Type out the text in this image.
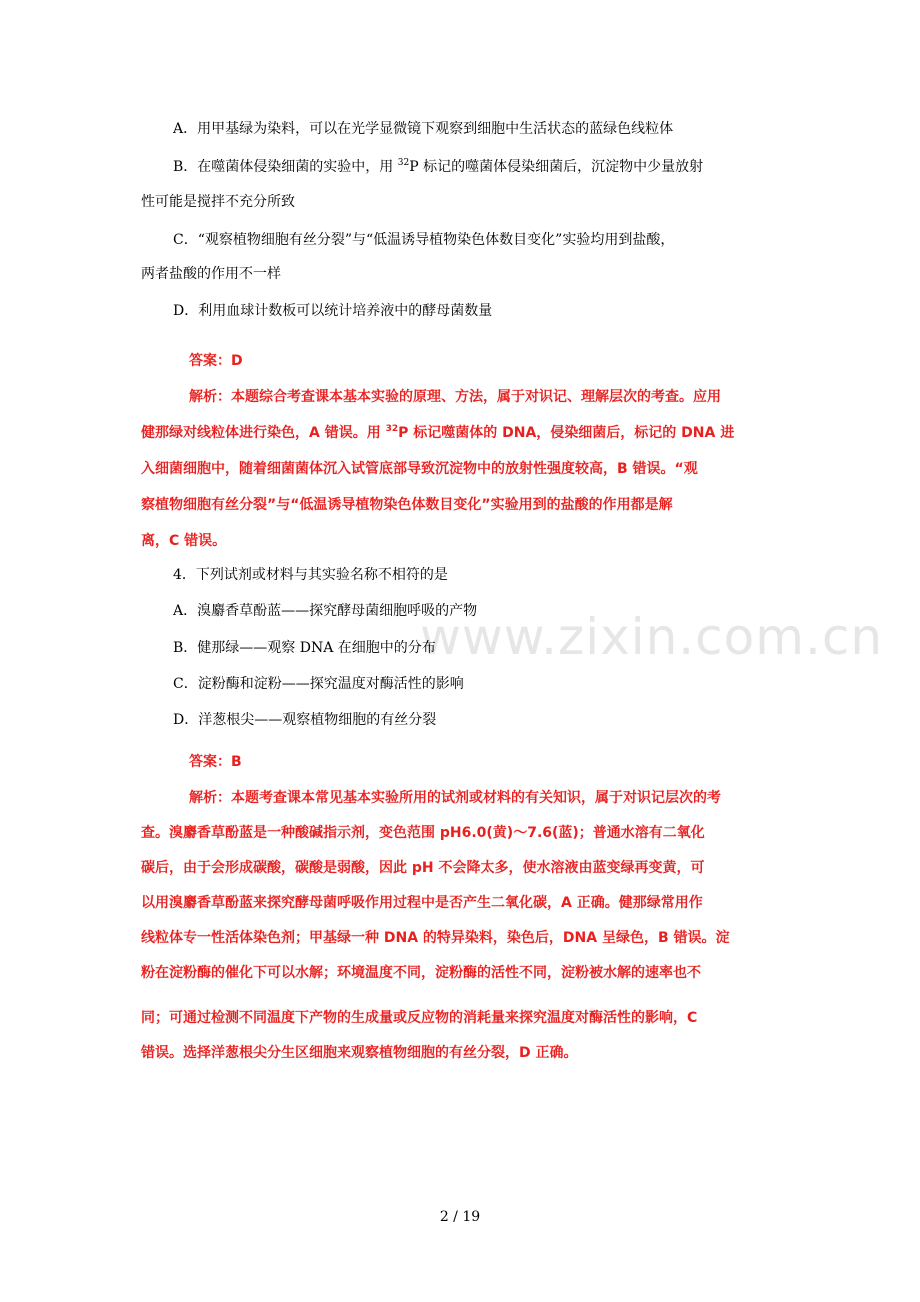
www.zixin.com.cn
A．用甲基绿为染料，可以在光学显微镜下观察到细胞中生活状态的蓝绿色线粒体
B．在噬菌体侵染细菌的实验中，用 $^{32}$P 标记的噬菌体侵染细菌后，沉淀物中少量放射
性可能是搅拌不充分所致
C．“观察植物细胞有丝分裂”与“低温诱导植物染色体数目变化”实验均用到盐酸，
两者盐酸的作用不一样
D．利用血球计数板可以统计培养液中的酵母菌数量
答案：D
解析：本题综合考查课本基本实验的原理、方法，属于对识记、理解层次的考查。应用
健那绿对线粒体进行染色，A 错误。用 $^{32}$P 标记噬菌体的 DNA，侵染细菌后，标记的 DNA 进
入细菌细胞中，随着细菌菌体沉入试管底部导致沉淀物中的放射性强度较高，B 错误。“观
察植物细胞有丝分裂”与“低温诱导植物染色体数目变化”实验用到的盐酸的作用都是解
离，C 错误。
4．下列试剂或材料与其实验名称不相符的是
A．溴麝香草酚蓝——探究酵母菌细胞呼吸的产物
B．健那绿——观察 DNA 在细胞中的分布
C．淀粉酶和淀粉——探究温度对酶活性的影响
D．洋葱根尖——观察植物细胞的有丝分裂
答案：B
解析：本题考查课本常见基本实验所用的试剂或材料的有关知识，属于对识记层次的考
查。溴麝香草酚蓝是一种酸碱指示剂，变色范围 pH6.0(黄)～7.6(蓝)；普通水溶有二氧化
碳后，由于会形成碳酸，碳酸是弱酸，因此 pH 不会降太多，使水溶液由蓝变绿再变黄，可
以用溴麝香草酚蓝来探究酵母菌呼吸作用过程中是否产生二氧化碳，A 正确。健那绿常用作
线粒体专一性活体染色剂；甲基绿一种 DNA 的特异染料，染色后，DNA 呈绿色，B 错误。淀
粉在淀粉酶的催化下可以水解；环境温度不同，淀粉酶的活性不同，淀粉被水解的速率也不
同；可通过检测不同温度下产物的生成量或反应物的消耗量来探究温度对酶活性的影响，C
错误。选择洋葱根尖分生区细胞来观察植物细胞的有丝分裂，D 正确。
2 / 19
